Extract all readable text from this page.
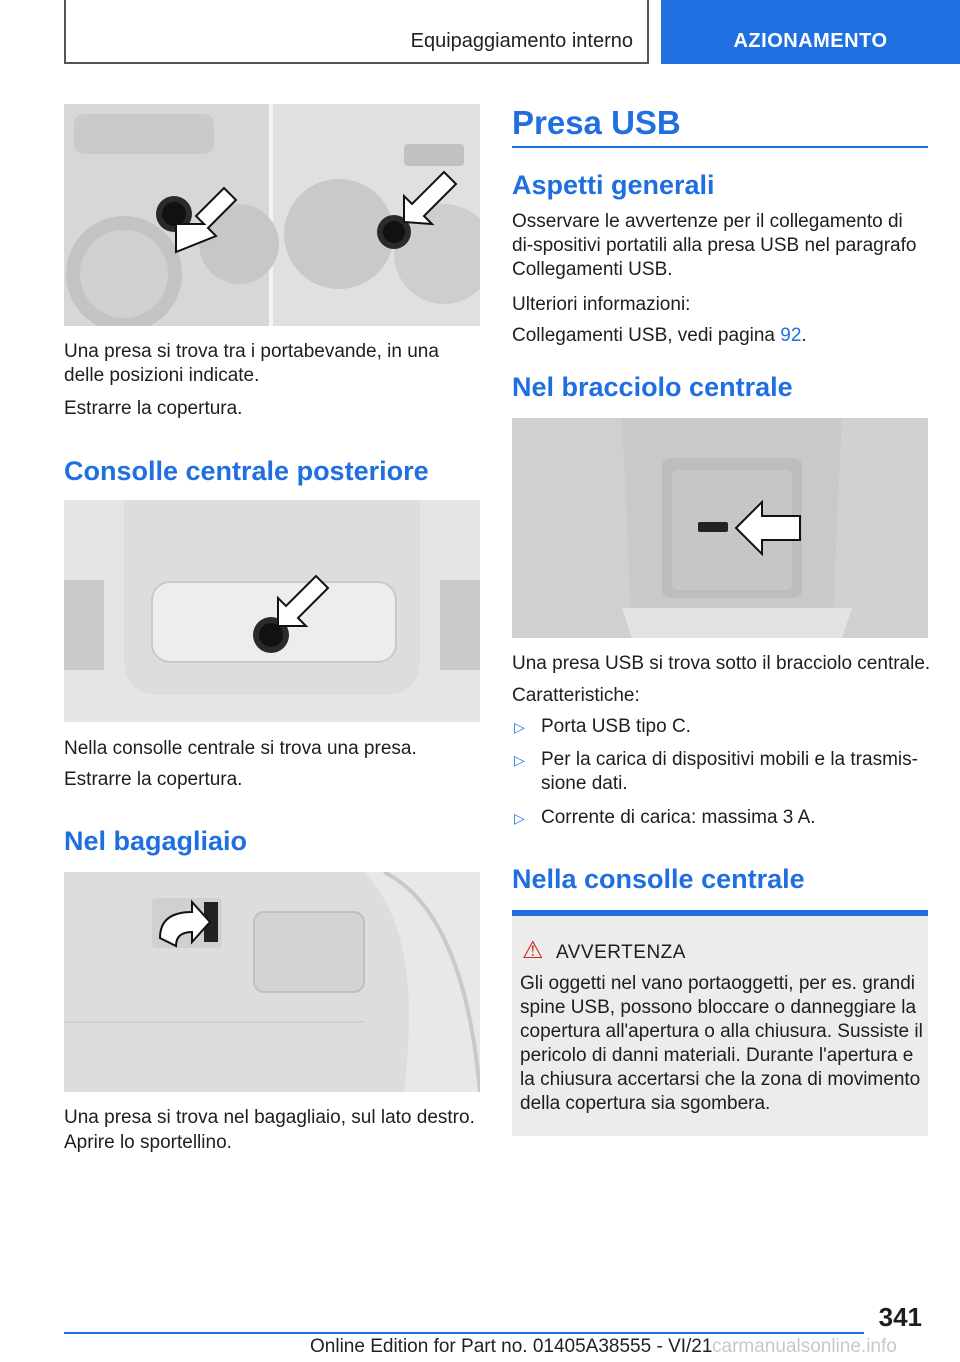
Equipaggiamento interno	AZIONAMENTO
Una presa si trova tra i portabevande, in una delle posizioni indicate.
Estrarre la copertura.
Consolle centrale posteriore
Nella consolle centrale si trova una presa.
Estrarre la copertura.
Nel bagagliaio
Una presa si trova nel bagagliaio, sul lato destro.
Aprire lo sportellino.
Presa USB
Aspetti generali
Osservare le avvertenze per il collegamento di di-spositivi portatili alla presa USB nel paragrafo Collegamenti USB.
Ulteriori informazioni:
Collegamenti USB, vedi pagina 92.
Nel bracciolo centrale
Una presa USB si trova sotto il bracciolo centrale.
Caratteristiche:
▷ Porta USB tipo C.
▷ Per la carica di dispositivi mobili e la trasmis-sione dati.
▷ Corrente di carica: massima 3 A.
Nella consolle centrale
⚠ AVVERTENZA
Gli oggetti nel vano portaoggetti, per es. grandi spine USB, possono bloccare o danneggiare la copertura all'apertura o alla chiusura. Sussiste il pericolo di danni materiali. Durante l'apertura e la chiusura accertarsi che la zona di movimento della copertura sia sgombera.
341
Online Edition for Part no. 01405A38555 - VI/21 carmanualsonline.info
